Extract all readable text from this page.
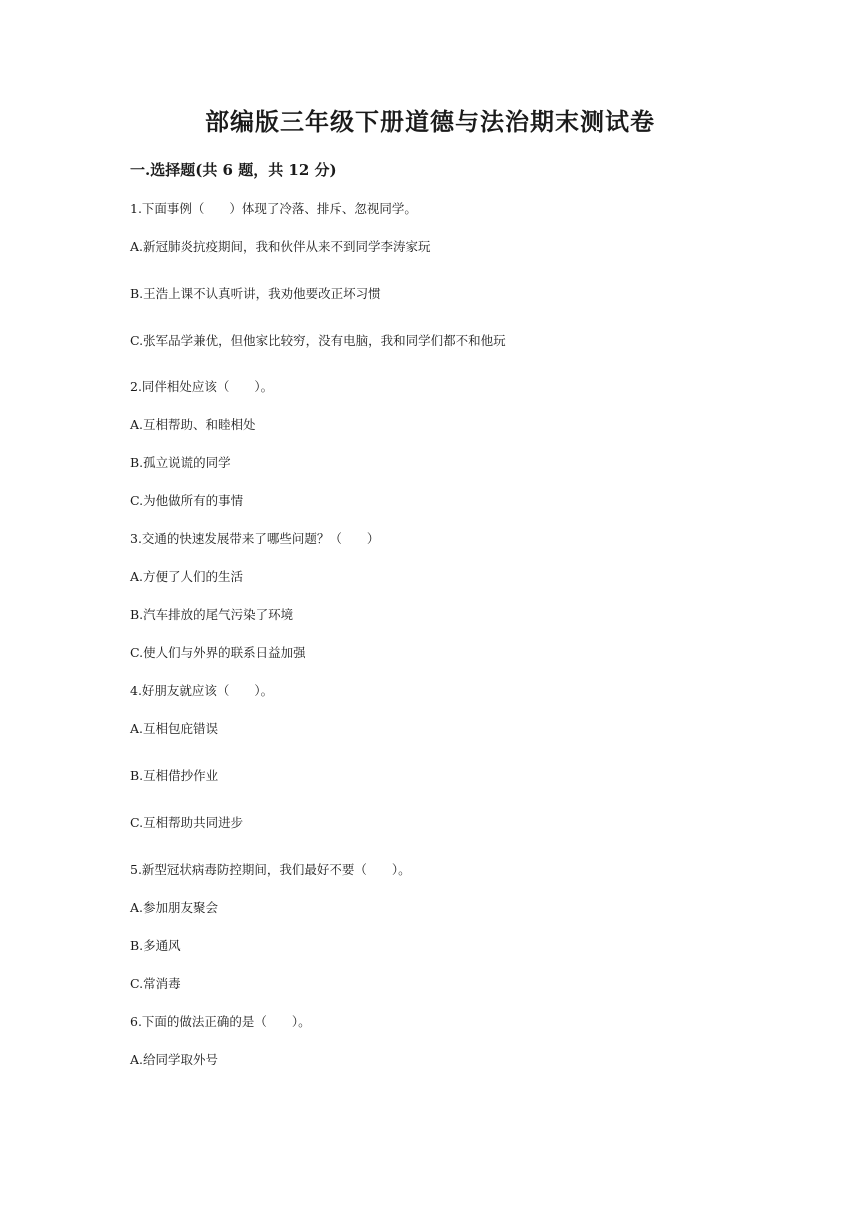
部编版三年级下册道德与法治期末测试卷
一.选择题(共 6 题，共 12 分)

1.下面事例（　　）体现了冷落、排斥、忽视同学。

A.新冠肺炎抗疫期间，我和伙伴从来不到同学李涛家玩

B.王浩上课不认真听讲，我劝他要改正坏习惯

C.张军品学兼优，但他家比较穷，没有电脑，我和同学们都不和他玩

2.同伴相处应该（　　）。

A.互相帮助、和睦相处

B.孤立说谎的同学

C.为他做所有的事情

3.交通的快速发展带来了哪些问题？（　　）

A.方便了人们的生活

B.汽车排放的尾气污染了环境

C.使人们与外界的联系日益加强

4.好朋友就应该（　　）。

A.互相包庇错误

B.互相借抄作业

C.互相帮助共同进步

5.新型冠状病毒防控期间，我们最好不要（　　）。

A.参加朋友聚会

B.多通风

C.常消毒

6.下面的做法正确的是（　　）。

A.给同学取外号
